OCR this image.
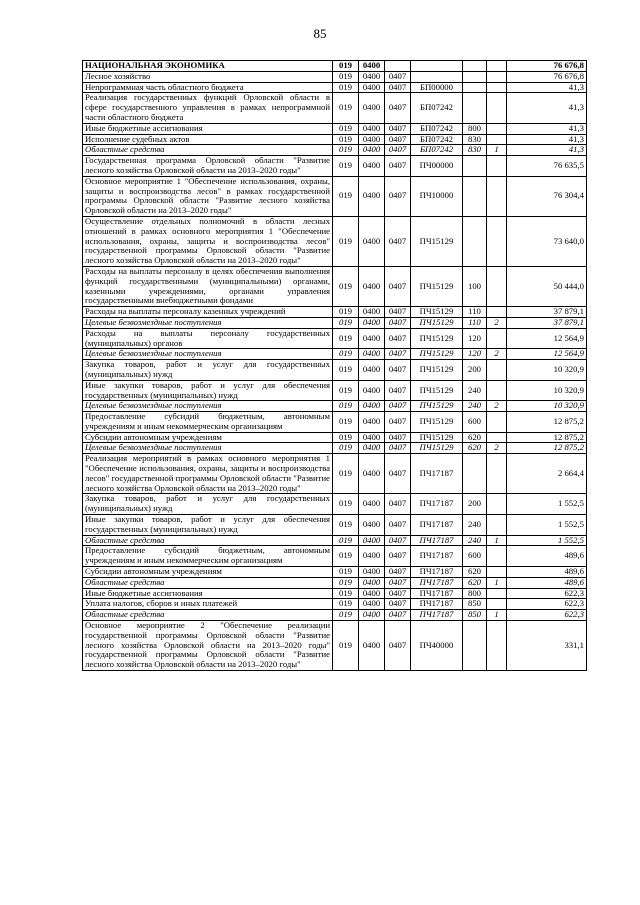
85
НАЦИОНАЛЬНАЯ ЭКОНОМИКА	019	0400					76 676,8
Лесное хозяйство	019	0400	0407				76 676,8
Непрограммная часть областного бюджета	019	0400	0407	БП00000			41,3
Реализация государственных функций Орловской области в сфере государственного управления в рамках непрограммной части областного бюджета	019	0400	0407	БП07242			41,3
Иные бюджетные ассигнования	019	0400	0407	БП07242	800		41,3
Исполнение судебных актов	019	0400	0407	БП07242	830		41,3
Областные средства	019	0400	0407	БП07242	830	1	41,3
Государственная программа Орловской области "Развитие лесного хозяйства Орловской области на 2013–2020 годы"	019	0400	0407	ПЧ00000			76 635,5
Основное мероприятие 1 "Обеспечение использования, охраны, защиты и воспроизводства лесов" в рамках государственной программы Орловской области "Развитие лесного хозяйства Орловской области на 2013–2020 годы"	019	0400	0407	ПЧ10000			76 304,4
Осуществление отдельных полномочий в области лесных отношений в рамках основного мероприятия 1 "Обеспечение использования, охраны, защиты и воспроизводства лесов" государственной программы Орловской области "Развитие лесного хозяйства Орловской области на 2013–2020 годы"	019	0400	0407	ПЧ15129			73 640,0
Расходы на выплаты персоналу в целях обеспечения выполнения функций государственными (муниципальными) органами, казенными учреждениями, органами управления государственными внебюджетными фондами	019	0400	0407	ПЧ15129	100		50 444,0
Расходы на выплаты персоналу казенных учреждений	019	0400	0407	ПЧ15129	110		37 879,1
Целевые безвозмездные поступления	019	0400	0407	ПЧ15129	110	2	37 879,1
Расходы на выплаты персоналу государственных (муниципальных) органов	019	0400	0407	ПЧ15129	120		12 564,9
Целевые безвозмездные поступления	019	0400	0407	ПЧ15129	120	2	12 564,9
Закупка товаров, работ и услуг для государственных (муниципальных) нужд	019	0400	0407	ПЧ15129	200		10 320,9
Иные закупки товаров, работ и услуг для обеспечения государственных (муниципальных) нужд	019	0400	0407	ПЧ15129	240		10 320,9
Целевые безвозмездные поступления	019	0400	0407	ПЧ15129	240	2	10 320,9
Предоставление субсидий бюджетным, автономным учреждениям и иным некоммерческим организациям	019	0400	0407	ПЧ15129	600		12 875,2
Субсидии автономным учреждениям	019	0400	0407	ПЧ15129	620		12 875,2
Целевые безвозмездные поступления	019	0400	0407	ПЧ15129	620	2	12 875,2
Реализация мероприятий в рамках основного мероприятия 1 "Обеспечение использования, охраны, защиты и воспроизводства лесов" государственной программы Орловской области "Развитие лесного хозяйства Орловской области на 2013–2020 годы"	019	0400	0407	ПЧ17187			2 664,4
Закупка товаров, работ и услуг для государственных (муниципальных) нужд	019	0400	0407	ПЧ17187	200		1 552,5
Иные закупки товаров, работ и услуг для обеспечения государственных (муниципальных) нужд	019	0400	0407	ПЧ17187	240		1 552,5
Областные средства	019	0400	0407	ПЧ17187	240	1	1 552,5
Предоставление субсидий бюджетным, автономным учреждениям и иным некоммерческим организациям	019	0400	0407	ПЧ17187	600		489,6
Субсидии автономным учреждениям	019	0400	0407	ПЧ17187	620		489,6
Областные средства	019	0400	0407	ПЧ17187	620	1	489,6
Иные бюджетные ассигнования	019	0400	0407	ПЧ17187	800		622,3
Уплата налогов, сборов и иных платежей	019	0400	0407	ПЧ17187	850		622,3
Областные средства	019	0400	0407	ПЧ17187	850	1	622,3
Основное мероприятие 2 "Обеспечение реализации государственной программы Орловской области "Развитие лесного хозяйства Орловской области на 2013–2020 годы" государственной программы Орловской области "Развитие лесного хозяйства Орловской области на 2013–2020 годы"	019	0400	0407	ПЧ40000			331,1
